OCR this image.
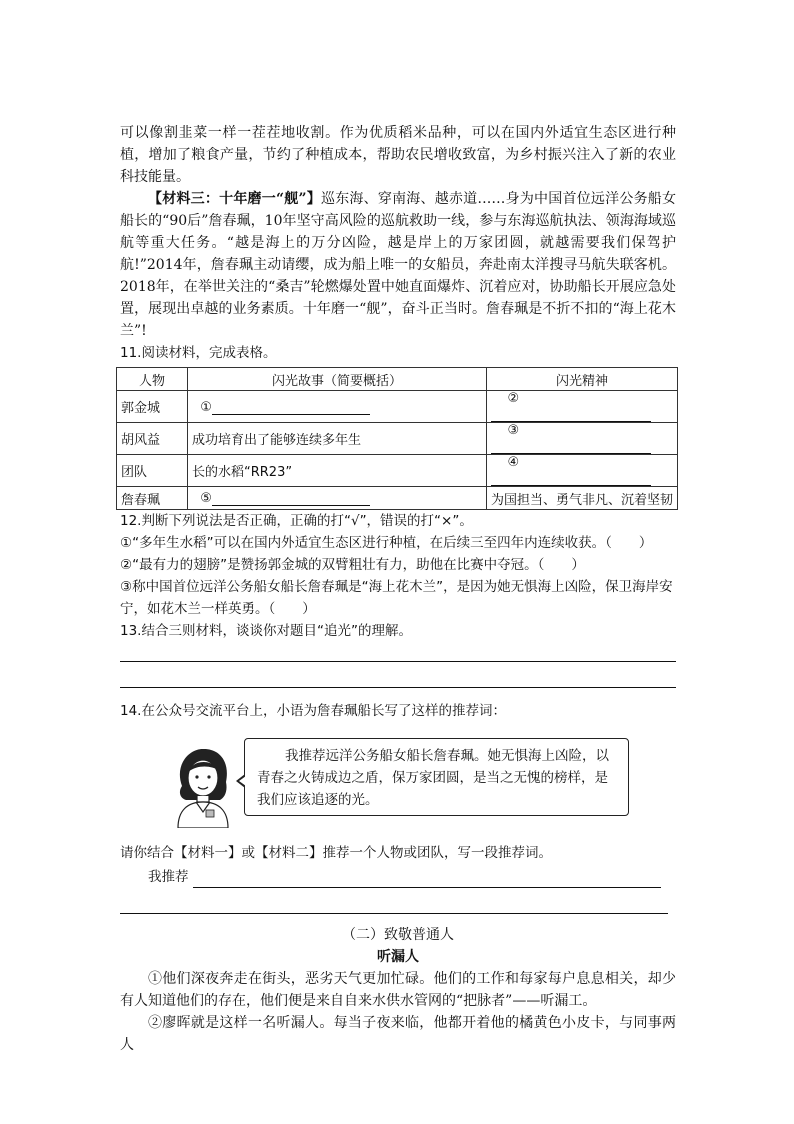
可以像割韭菜一样一茬茬地收割。作为优质稻米品种，可以在国内外适宜生态区进行种植，增加了粮食产量，节约了种植成本，帮助农民增收致富，为乡村振兴注入了新的农业科技能量。

【材料三：十年磨一“舰”】巡东海、穿南海、越赤道……身为中国首位远洋公务船女船长的“90后”詹春珮，10年坚守高风险的巡航救助一线，参与东海巡航执法、领海海域巡航等重大任务。“越是海上的万分凶险，越是岸上的万家团圆，就越需要我们保驾护航!”2014年，詹春珮主动请缨，成为船上唯一的女船员，奔赴南太洋搜寻马航失联客机。2018年，在举世关注的“桑吉”轮燃爆处置中她直面爆炸、沉着应对，协助船长开展应急处置，展现出卓越的业务素质。十年磨一“舰”，奋斗正当时。詹春珮是不折不扣的“海上花木兰”!

11.阅读材料，完成表格。

人物	闪光故事（简要概括）	闪光精神
郭金城	①	②
胡风益	成功培育出了能够连续多年生	③
团队	长的水稻“RR23”	④
詹春珮	⑤	为国担当、勇气非凡、沉着坚韧

12.判断下列说法是否正确，正确的打“√”，错误的打“×”。

①“多年生水稻”可以在国内外适宜生态区进行种植，在后续三至四年内连续收获。（　　）

②“最有力的翅膀”是赞扬郭金城的双臂粗壮有力，助他在比赛中夺冠。（　　）

③称中国首位远洋公务船女船长詹春珮是“海上花木兰”，是因为她无惧海上凶险，保卫海岸安宁，如花木兰一样英勇。（　　）

13.结合三则材料，谈谈你对题目“追光”的理解。

14.在公众号交流平台上，小语为詹春珮船长写了这样的推荐词：

我推荐远洋公务船女船长詹春珮。她无惧海上凶险，以青春之火铸成边之盾，保万家团圆，是当之无愧的榜样，是我们应该追逐的光。

请你结合【材料一】或【材料二】推荐一个人物或团队，写一段推荐词。

我推荐

（二）致敬普通人

听漏人

①他们深夜奔走在街头，恶劣天气更加忙碌。他们的工作和每家每户息息相关，却少有人知道他们的存在，他们便是来自自来水供水管网的“把脉者”——听漏工。

②廖晖就是这样一名听漏人。每当子夜来临，他都开着他的橘黄色小皮卡，与同事两人
